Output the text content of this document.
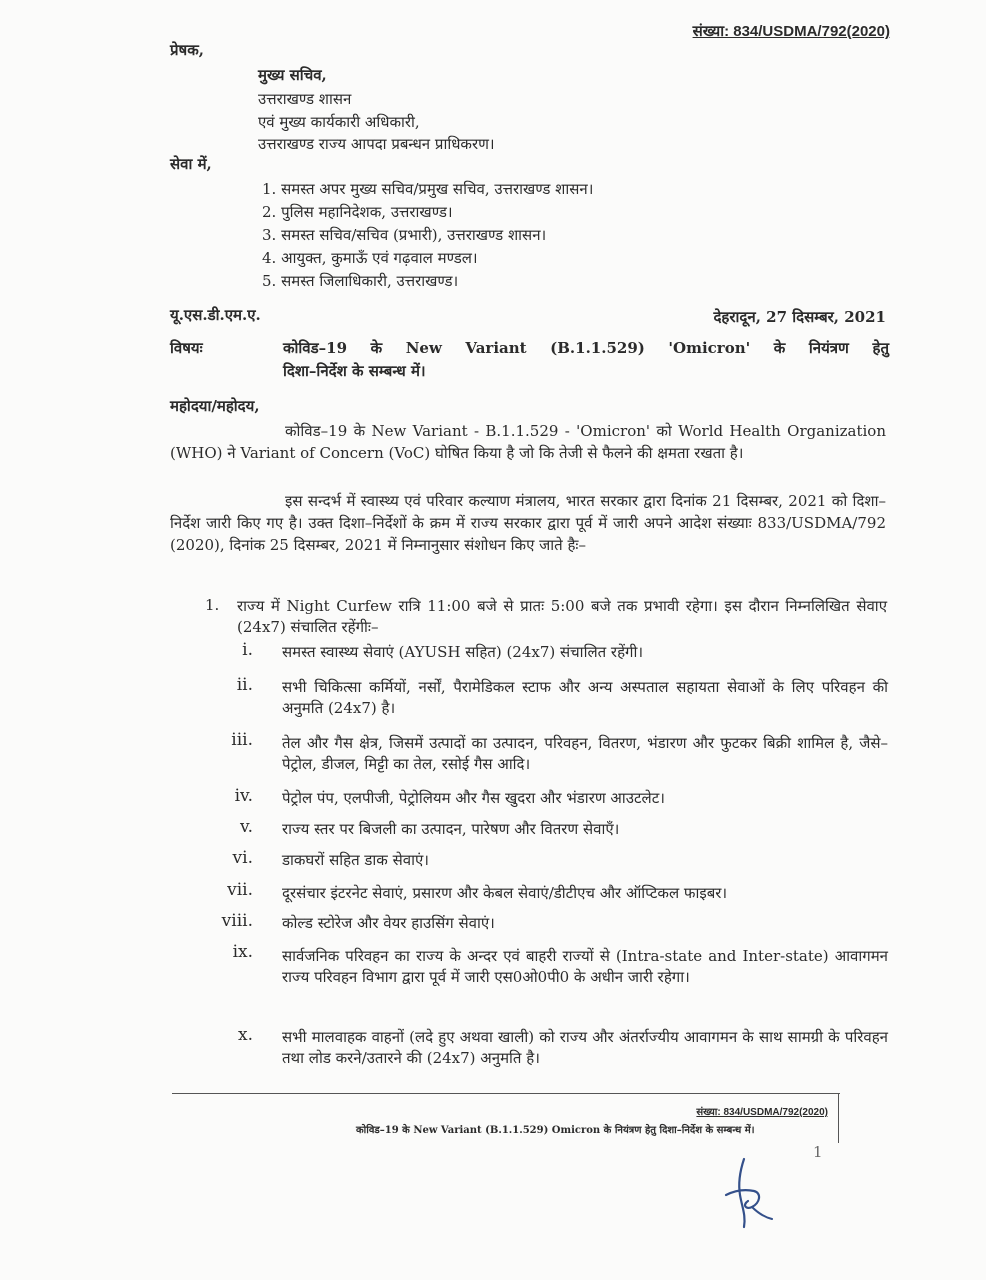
संख्या: 834/USDMA/792(2020)
प्रेषक,
मुख्य सचिव,
उत्तराखण्ड शासन
एवं मुख्य कार्यकारी अधिकारी,
उत्तराखण्ड राज्य आपदा प्रबन्धन प्राधिकरण।
सेवा में,
1. समस्त अपर मुख्य सचिव/प्रमुख सचिव, उत्तराखण्ड शासन।
2. पुलिस महानिदेशक, उत्तराखण्ड।
3. समस्त सचिव/सचिव (प्रभारी), उत्तराखण्ड शासन।
4. आयुक्त, कुमाऊँ एवं गढ़वाल मण्डल।
5. समस्त जिलाधिकारी, उत्तराखण्ड।
यू.एस.डी.एम.ए.	देहरादून, 27 दिसम्बर, 2021
विषयः	कोविड–19 के New Variant (B.1.1.529) 'Omicron' के नियंत्रण हेतु
दिशा–निर्देश के सम्बन्ध में।
महोदया/महोदय,
कोविड–19 के New Variant - B.1.1.529 - 'Omicron' को World Health Organization (WHO) ने Variant of Concern (VoC) घोषित किया है जो कि तेजी से फैलने की क्षमता रखता है।
इस सन्दर्भ में स्वास्थ्य एवं परिवार कल्याण मंत्रालय, भारत सरकार द्वारा दिनांक 21 दिसम्बर, 2021 को दिशा–निर्देश जारी किए गए है। उक्त दिशा–निर्देशों के क्रम में राज्य सरकार द्वारा पूर्व में जारी अपने आदेश संख्याः 833/USDMA/792 (2020), दिनांक 25 दिसम्बर, 2021 में निम्नानुसार संशोधन किए जाते हैः–
1. राज्य में Night Curfew रात्रि 11:00 बजे से प्रातः 5:00 बजे तक प्रभावी रहेगा। इस दौरान निम्नलिखित सेवाए (24x7) संचालित रहेंगीः–
i. समस्त स्वास्थ्य सेवाएं (AYUSH सहित) (24x7) संचालित रहेंगी।
ii. सभी चिकित्सा कर्मियों, नर्सों, पैरामेडिकल स्टाफ और अन्य अस्पताल सहायता सेवाओं के लिए परिवहन की अनुमति (24x7) है।
iii. तेल और गैस क्षेत्र, जिसमें उत्पादों का उत्पादन, परिवहन, वितरण, भंडारण और फुटकर बिक्री शामिल है, जैसे–पेट्रोल, डीजल, मिट्टी का तेल, रसोई गैस आदि।
iv. पेट्रोल पंप, एलपीजी, पेट्रोलियम और गैस खुदरा और भंडारण आउटलेट।
v. राज्य स्तर पर बिजली का उत्पादन, पारेषण और वितरण सेवाएँ।
vi. डाकघरों सहित डाक सेवाएं।
vii. दूरसंचार इंटरनेट सेवाएं, प्रसारण और केबल सेवाएं/डीटीएच और ऑप्टिकल फाइबर।
viii. कोल्ड स्टोरेज और वेयर हाउसिंग सेवाएं।
ix. सार्वजनिक परिवहन का राज्य के अन्दर एवं बाहरी राज्यों से (Intra-state and Inter-state) आवागमन राज्य परिवहन विभाग द्वारा पूर्व में जारी एस0ओ0पी0 के अधीन जारी रहेगा।
x. सभी मालवाहक वाहनों (लदे हुए अथवा खाली) को राज्य और अंतर्राज्यीय आवागमन के साथ सामग्री के परिवहन तथा लोड करने/उतारने की (24x7) अनुमति है।
संख्या: 834/USDMA/792(2020)
कोविड–19 के New Variant (B.1.1.529) Omicron के नियंत्रण हेतु दिशा–निर्देश के सम्बन्ध में।
1
